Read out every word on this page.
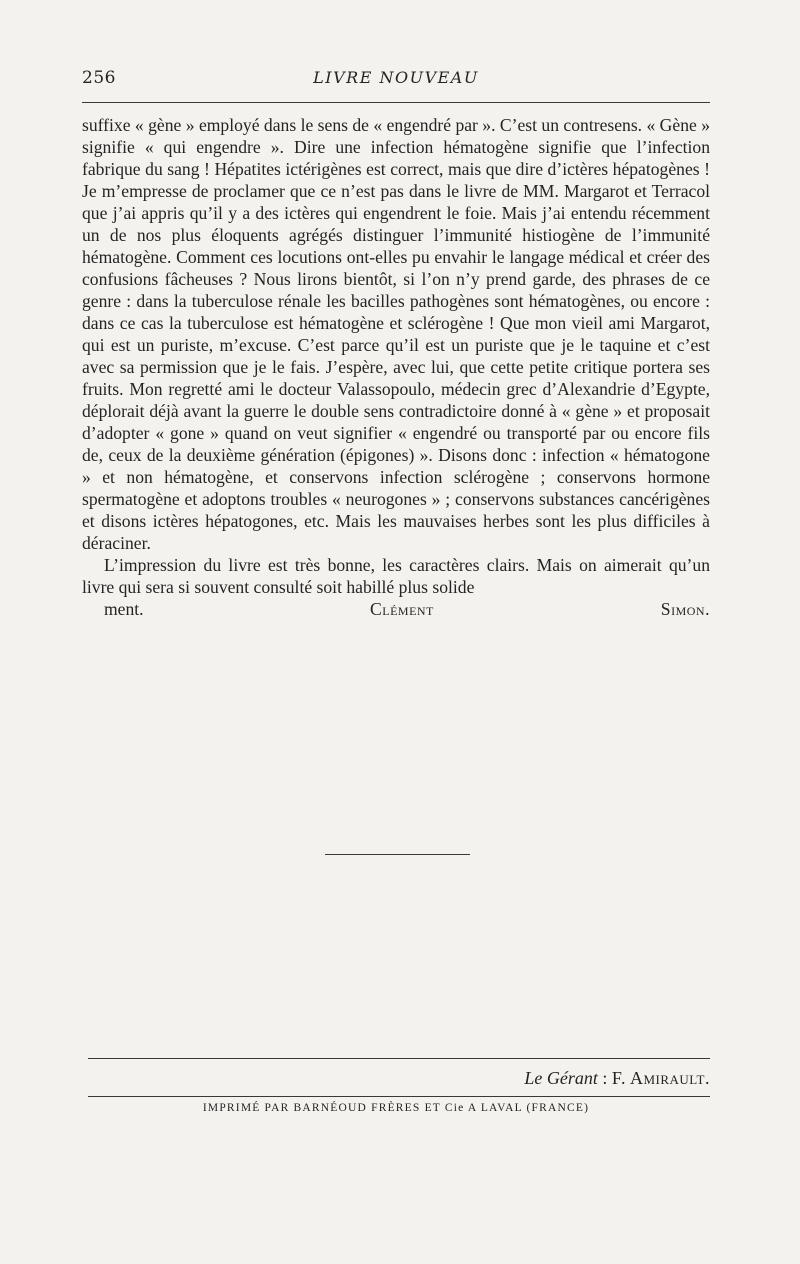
256	LIVRE NOUVEAU

suffixe « gène » employé dans le sens de « engendré par ». C’est un contresens. « Gène » signifie « qui engendre ». Dire une infection hématogène signifie que l’infection fabrique du sang ! Hépatites ictérigènes est correct, mais que dire d’ictères hépatogènes ! Je m’empresse de proclamer que ce n’est pas dans le livre de MM. Margarot et Terracol que j’ai appris qu’il y a des ictères qui engendrent le foie. Mais j’ai entendu récemment un de nos plus éloquents agrégés distinguer l’immunité histiogène de l’immunité hématogène. Comment ces locutions ont-elles pu envahir le langage médical et créer des confusions fâcheuses ? Nous lirons bientôt, si l’on n’y prend garde, des phrases de ce genre : dans la tuberculose rénale les bacilles pathogènes sont hématogènes, ou encore : dans ce cas la tuberculose est hématogène et sclérogène ! Que mon vieil ami Margarot, qui est un puriste, m’excuse. C’est parce qu’il est un puriste que je le taquine et c’est avec sa permission que je le fais. J’espère, avec lui, que cette petite critique portera ses fruits. Mon regretté ami le docteur Valassopoulo, médecin grec d’Alexandrie d’Egypte, déplorait déjà avant la guerre le double sens contradictoire donné à « gène » et proposait d’adopter « gone » quand on veut signifier « engendré ou transporté par ou encore fils de, ceux de la deuxième génération (épigones) ». Disons donc : infection « hématogone » et non hématogène, et conservons infection sclérogène ; conservons hormone spermatogène et adoptons troubles « neurogones » ; conservons substances cancérigènes et disons ictères hépatogones, etc. Mais les mauvaises herbes sont les plus difficiles à déraciner.

L’impression du livre est très bonne, les caractères clairs. Mais on aimerait qu’un livre qui sera si souvent consulté soit habillé plus solide
ment.	Clément Simon.

Le Gérant : F. Amirault.
IMPRIMÉ PAR BARNÉOUD FRÈRES ET Cie A LAVAL (FRANCE)
